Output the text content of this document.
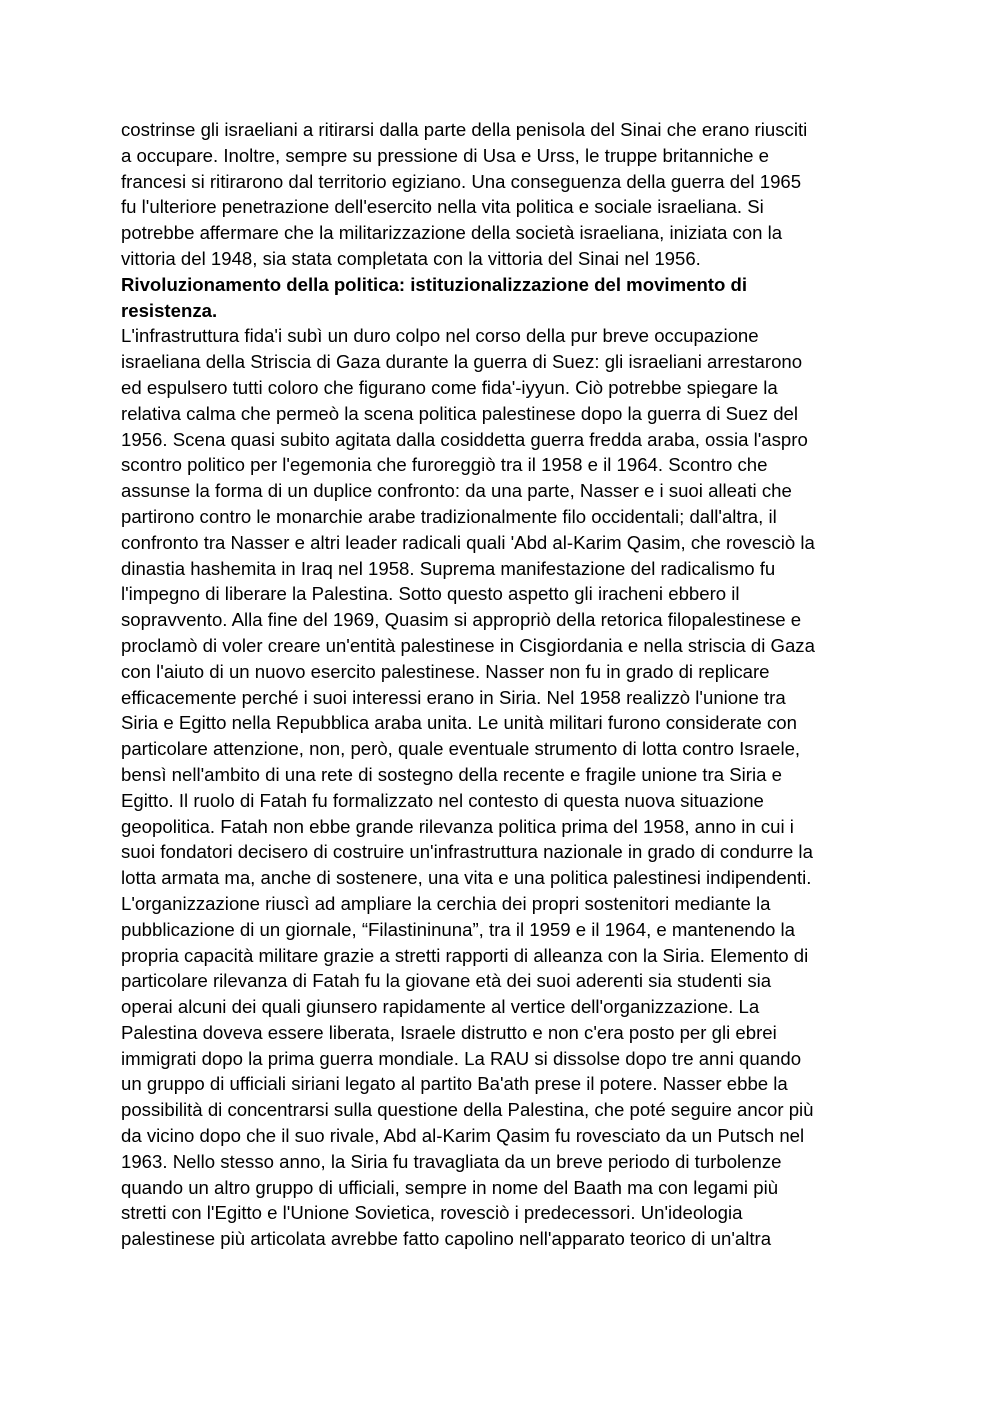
costrinse gli israeliani a ritirarsi dalla parte della penisola del Sinai che erano riusciti
a occupare. Inoltre, sempre su pressione di Usa e Urss, le truppe britanniche e
francesi si ritirarono dal territorio egiziano. Una conseguenza della guerra del 1965
fu l'ulteriore penetrazione dell'esercito nella vita politica e sociale israeliana. Si
potrebbe affermare che la militarizzazione della società israeliana, iniziata con la
vittoria del 1948, sia stata completata con la vittoria del Sinai nel 1956.
Rivoluzionamento della politica: istituzionalizzazione del movimento di
resistenza.
L'infrastruttura fida'i subì un duro colpo nel corso della pur breve occupazione
israeliana della Striscia di Gaza durante la guerra di Suez: gli israeliani arrestarono
ed espulsero tutti coloro che figurano come fida'-iyyun. Ciò potrebbe spiegare la
relativa calma che permeò la scena politica palestinese dopo la guerra di Suez del
1956. Scena quasi subito agitata dalla cosiddetta guerra fredda araba, ossia l'aspro
scontro politico per l'egemonia che furoreggiò tra il 1958 e il 1964. Scontro che
assunse la forma di un duplice confronto: da una parte, Nasser e i suoi alleati che
partirono contro le monarchie arabe tradizionalmente filo occidentali; dall'altra, il
confronto tra Nasser e altri leader radicali quali 'Abd al-Karim Qasim, che rovesciò la
dinastia hashemita in Iraq nel 1958. Suprema manifestazione del radicalismo fu
l'impegno di liberare la Palestina. Sotto questo aspetto gli iracheni ebbero il
sopravvento. Alla fine del 1969, Quasim si appropriò della retorica filopalestinese e
proclamò di voler creare un'entità palestinese in Cisgiordania e nella striscia di Gaza
con l'aiuto di un nuovo esercito palestinese. Nasser non fu in grado di replicare
efficacemente perché i suoi interessi erano in Siria. Nel 1958 realizzò l'unione tra
Siria e Egitto nella Repubblica araba unita. Le unità militari furono considerate con
particolare attenzione, non, però, quale eventuale strumento di lotta contro Israele,
bensì nell'ambito di una rete di sostegno della recente e fragile unione tra Siria e
Egitto. Il ruolo di Fatah fu formalizzato nel contesto di questa nuova situazione
geopolitica. Fatah non ebbe grande rilevanza politica prima del 1958, anno in cui i
suoi fondatori decisero di costruire un'infrastruttura nazionale in grado di condurre la
lotta armata ma, anche di sostenere, una vita e una politica palestinesi indipendenti.
L'organizzazione riuscì ad ampliare la cerchia dei propri sostenitori mediante la
pubblicazione di un giornale, “Filastininuna”, tra il 1959 e il 1964, e mantenendo la
propria capacità militare grazie a stretti rapporti di alleanza con la Siria. Elemento di
particolare rilevanza di Fatah fu la giovane età dei suoi aderenti sia studenti sia
operai alcuni dei quali giunsero rapidamente al vertice dell'organizzazione. La
Palestina doveva essere liberata, Israele distrutto e non c'era posto per gli ebrei
immigrati dopo la prima guerra mondiale. La RAU si dissolse dopo tre anni quando
un gruppo di ufficiali siriani legato al partito Ba'ath prese il potere. Nasser ebbe la
possibilità di concentrarsi sulla questione della Palestina, che poté seguire ancor più
da vicino dopo che il suo rivale, Abd al-Karim Qasim fu rovesciato da un Putsch nel
1963. Nello stesso anno, la Siria fu travagliata da un breve periodo di turbolenze
quando un altro gruppo di ufficiali, sempre in nome del Baath ma con legami più
stretti con l'Egitto e l'Unione Sovietica, rovesciò i predecessori. Un'ideologia
palestinese più articolata avrebbe fatto capolino nell'apparato teorico di un'altra
